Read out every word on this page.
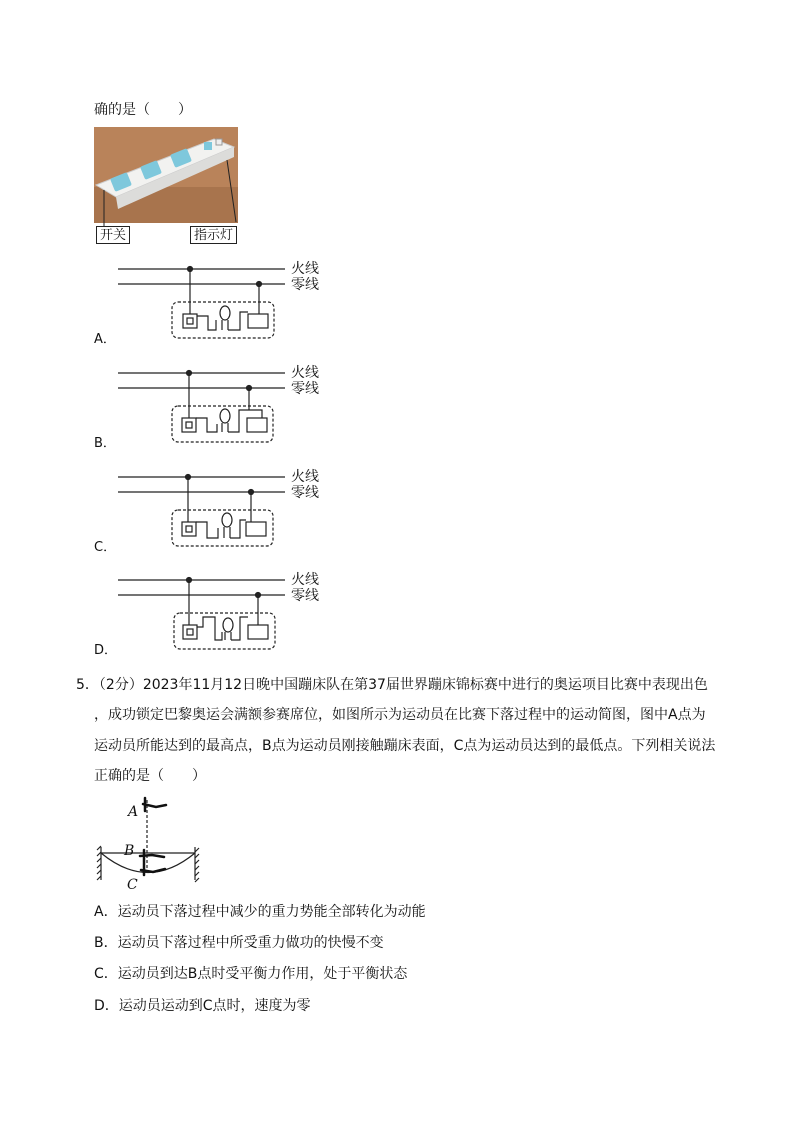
确的是（　　）
开关	指示灯
火线
零线
火线
零线
火线
零线
火线
零线
A．
B．
C．
D．
5．（2分）2023年11月12日晚中国蹦床队在第37届世界蹦床锦标赛中进行的奥运项目比赛中表现出色
，成功锁定巴黎奥运会满额参赛席位，如图所示为运动员在比赛下落过程中的运动简图，图中A点为
运动员所能达到的最高点，B点为运动员刚接触蹦床表面，C点为运动员达到的最低点。下列相关说法
正确的是（　　）
A
B
C
A．运动员下落过程中减少的重力势能全部转化为动能
B．运动员下落过程中所受重力做功的快慢不变
C．运动员到达B点时受平衡力作用，处于平衡状态
D．运动员运动到C点时，速度为零
